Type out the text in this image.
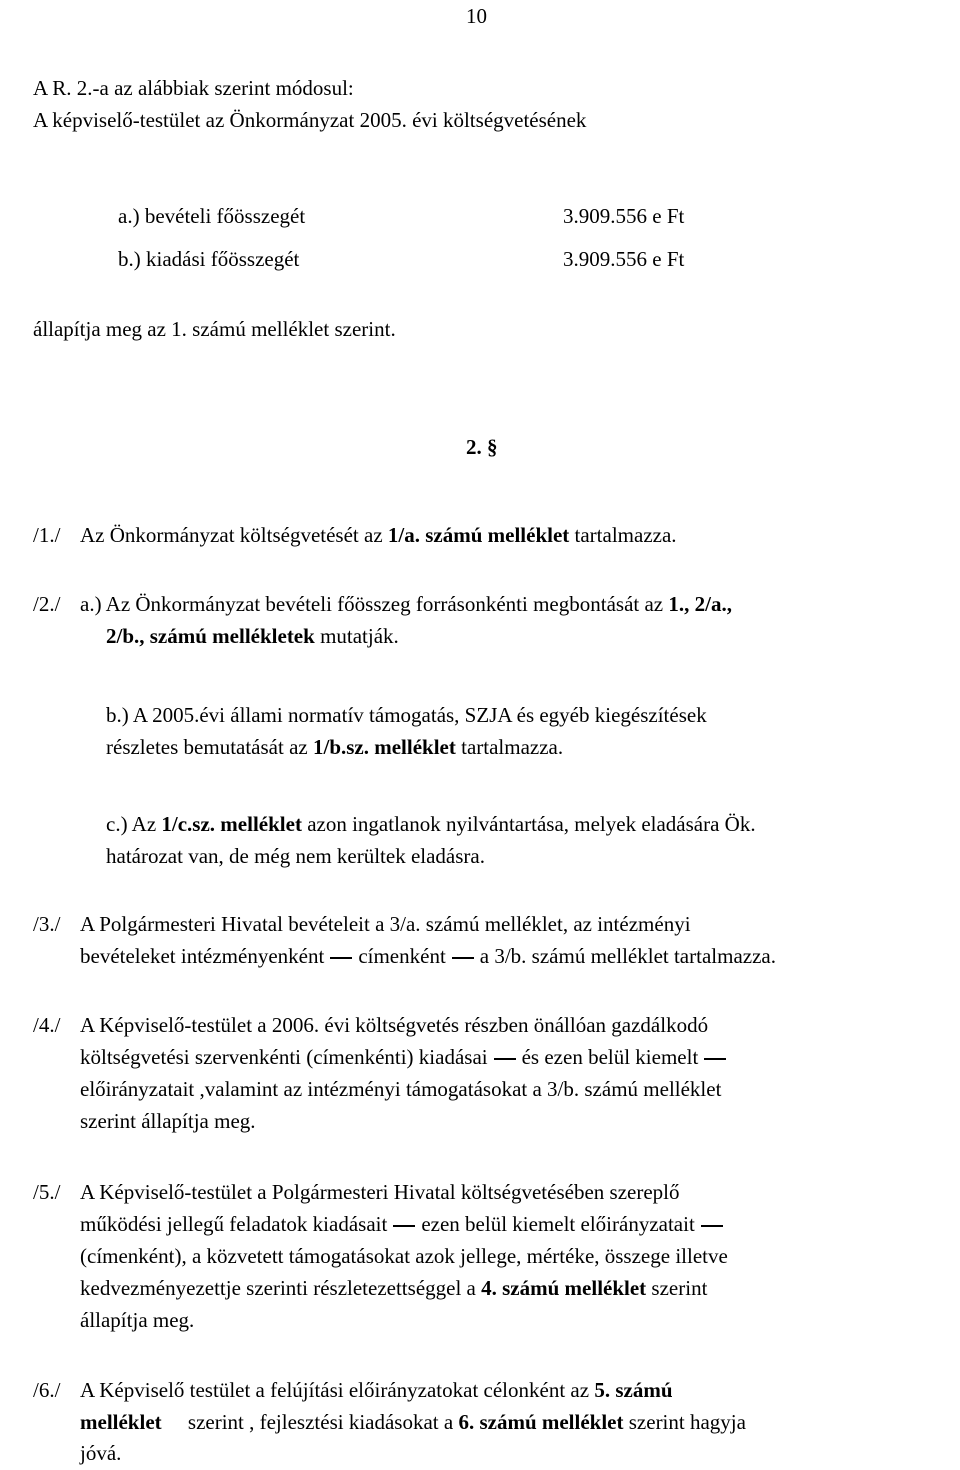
10
A R. 2.-a az alábbiak szerint módosul:
A képviselő-testület az Önkormányzat 2005. évi költségvetésének
a.) bevételi főösszegét	3.909.556 e Ft
b.) kiadási főösszegét	3.909.556 e Ft
állapítja meg az 1. számú melléklet szerint.
2. §
/1./ Az Önkormányzat költségvetését az 1/a. számú melléklet tartalmazza.
/2./ a.) Az Önkormányzat bevételi főösszeg forrásonkénti megbontását az 1., 2/a.,
2/b., számú mellékletek mutatják.
b.) A 2005.évi állami normatív támogatás, SZJA és egyéb kiegészítések
részletes bemutatását az 1/b.sz. melléklet tartalmazza.
c.) Az 1/c.sz. melléklet azon ingatlanok nyilvántartása, melyek eladására Ök.
határozat van, de még nem kerültek eladásra.
/3./ A Polgármesteri Hivatal bevételeit a 3/a. számú melléklet, az intézményi
bevételeket intézményenként címenként a 3/b. számú melléklet tartalmazza.
/4./ A Képviselő-testület a 2006. évi költségvetés részben önállóan gazdálkodó
költségvetési szervenkénti (címenkénti) kiadásai és ezen belül kiemelt
előirányzatait ,valamint az intézményi támogatásokat a 3/b. számú melléklet
szerint állapítja meg.
/5./ A Képviselő-testület a Polgármesteri Hivatal költségvetésében szereplő
működési jellegű feladatok kiadásait ezen belül kiemelt előirányzatait
(címenként), a közvetett támogatásokat azok jellege, mértéke, összege illetve
kedvezményezettje szerinti részletezettséggel a 4. számú melléklet szerint
állapítja meg.
/6./ A Képviselő testület a felújítási előirányzatokat célonként az 5. számú
melléklet     szerint , fejlesztési kiadásokat a 6. számú melléklet szerint hagyja
jóvá.
